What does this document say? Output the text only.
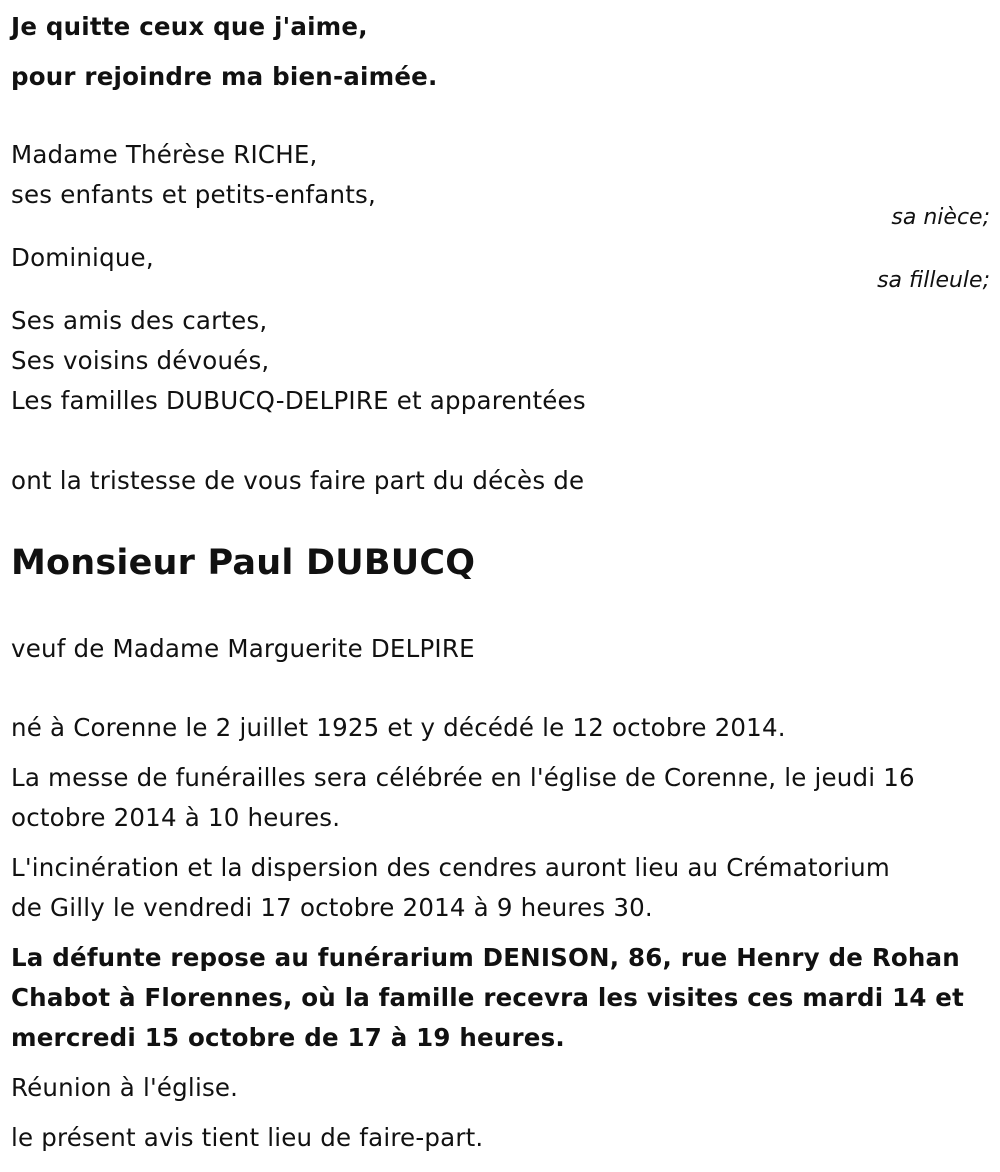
Je quitte ceux que j'aime,

pour rejoindre ma bien-aimée.

Madame Thérèse RICHE,

ses enfants et petits-enfants,

sa nièce;

Dominique,

sa filleule;

Ses amis des cartes,

Ses voisins dévoués,

Les familles DUBUCQ-DELPIRE et apparentées

ont la tristesse de vous faire part du décès de

Monsieur Paul DUBUCQ

veuf de Madame Marguerite DELPIRE

né à Corenne le 2 juillet 1925 et y décédé le 12 octobre 2014.

La messe de funérailles sera célébrée en l'église de Corenne, le jeudi 16

octobre 2014 à 10 heures.

L'incinération et la dispersion des cendres auront lieu au Crématorium

de Gilly le vendredi 17 octobre 2014 à 9 heures 30.

La défunte repose au funérarium DENISON, 86, rue Henry de Rohan

Chabot à Florennes, où la famille recevra les visites ces mardi 14 et

mercredi 15 octobre de 17 à 19 heures.

Réunion à l'église.

le présent avis tient lieu de faire-part.
